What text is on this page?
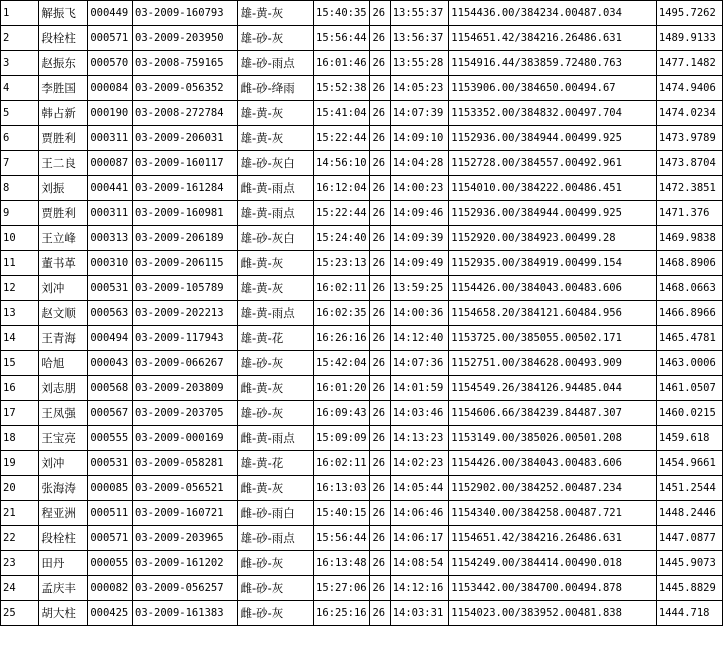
1	解振飞	000449	03-2009-160793	雄-黄-灰	15:40:35	26	13:55:37	1154436.00/384234.00487.034	1495.7262
2	段栓柱	000571	03-2009-203950	雄-砂-灰	15:56:44	26	13:56:37	1154651.42/384216.26486.631	1489.9133
3	赵振东	000570	03-2008-759165	雄-砂-雨点	16:01:46	26	13:55:28	1154916.44/383859.72480.763	1477.1482
4	李胜国	000084	03-2009-056352	雌-砂-绛雨	15:52:38	26	14:05:23	1153906.00/384650.00494.67	1474.9406
5	韩占新	000190	03-2008-272784	雄-黄-灰	15:41:04	26	14:07:39	1153352.00/384832.00497.704	1474.0234
6	贾胜利	000311	03-2009-206031	雄-黄-灰	15:22:44	26	14:09:10	1152936.00/384944.00499.925	1473.9789
7	王二良	000087	03-2009-160117	雄-砂-灰白	14:56:10	26	14:04:28	1152728.00/384557.00492.961	1473.8704
8	刘振	000441	03-2009-161284	雌-黄-雨点	16:12:04	26	14:00:23	1154010.00/384222.00486.451	1472.3851
9	贾胜利	000311	03-2009-160981	雄-黄-雨点	15:22:44	26	14:09:46	1152936.00/384944.00499.925	1471.376
10	王立峰	000313	03-2009-206189	雄-砂-灰白	15:24:40	26	14:09:39	1152920.00/384923.00499.28	1469.9838
11	董书革	000310	03-2009-206115	雌-黄-灰	15:23:13	26	14:09:49	1152935.00/384919.00499.154	1468.8906
12	刘冲	000531	03-2009-105789	雄-黄-灰	16:02:11	26	13:59:25	1154426.00/384043.00483.606	1468.0663
13	赵文顺	000563	03-2009-202213	雄-黄-雨点	16:02:35	26	14:00:36	1154658.20/384121.60484.956	1466.8966
14	王青海	000494	03-2009-117943	雄-黄-花	16:26:16	26	14:12:40	1153725.00/385055.00502.171	1465.4781
15	哈旭	000043	03-2009-066267	雄-砂-灰	15:42:04	26	14:07:36	1152751.00/384628.00493.909	1463.0006
16	刘志朋	000568	03-2009-203809	雌-黄-灰	16:01:20	26	14:01:59	1154549.26/384126.94485.044	1461.0507
17	王凤强	000567	03-2009-203705	雄-砂-灰	16:09:43	26	14:03:46	1154606.66/384239.84487.307	1460.0215
18	王宝亮	000555	03-2009-000169	雌-黄-雨点	15:09:09	26	14:13:23	1153149.00/385026.00501.208	1459.618
19	刘冲	000531	03-2009-058281	雄-黄-花	16:02:11	26	14:02:23	1154426.00/384043.00483.606	1454.9661
20	张海涛	000085	03-2009-056521	雌-黄-灰	16:13:03	26	14:05:44	1152902.00/384252.00487.234	1451.2544
21	程亚洲	000511	03-2009-160721	雌-砂-雨白	15:40:15	26	14:06:46	1154340.00/384258.00487.721	1448.2446
22	段栓柱	000571	03-2009-203965	雄-砂-雨点	15:56:44	26	14:06:17	1154651.42/384216.26486.631	1447.0877
23	田丹	000055	03-2009-161202	雌-砂-灰	16:13:48	26	14:08:54	1154249.00/384414.00490.018	1445.9073
24	孟庆丰	000082	03-2009-056257	雌-砂-灰	15:27:06	26	14:12:16	1153442.00/384700.00494.878	1445.8829
25	胡大柱	000425	03-2009-161383	雌-砂-灰	16:25:16	26	14:03:31	1154023.00/383952.00481.838	1444.718
